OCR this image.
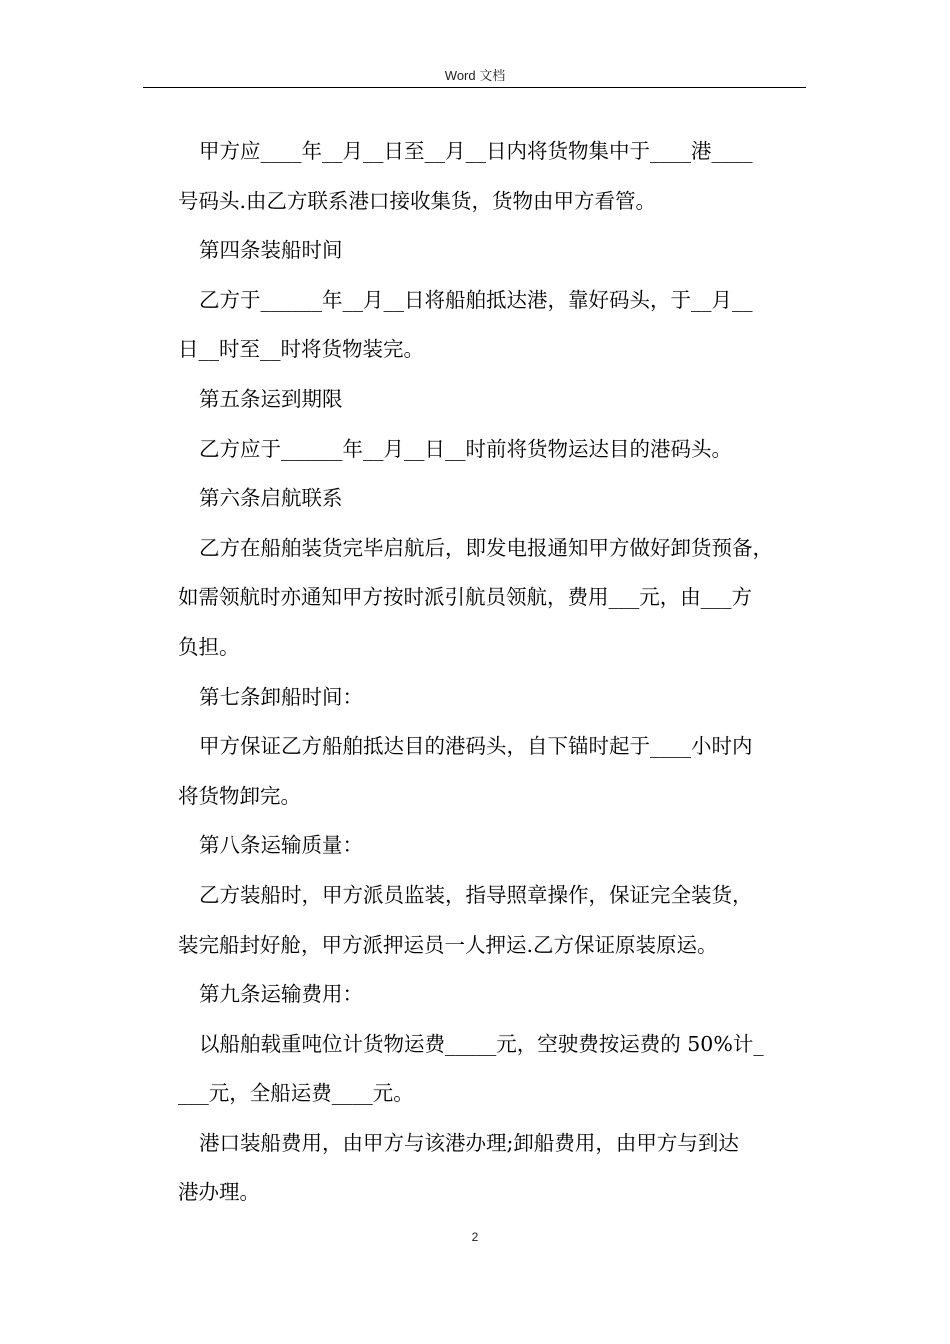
Word 文档
甲方应____年__月__日至__月__日内将货物集中于____港____
号码头.由乙方联系港口接收集货，货物由甲方看管。
第四条装船时间
乙方于______年__月__日将船舶抵达港，靠好码头，于__月__
日__时至__时将货物装完。
第五条运到期限
乙方应于______年__月__日__时前将货物运达目的港码头。
第六条启航联系
乙方在船舶装货完毕启航后，即发电报通知甲方做好卸货预备，
如需领航时亦通知甲方按时派引航员领航，费用___元，由___方
负担。
第七条卸船时间：
甲方保证乙方船舶抵达目的港码头，自下锚时起于____小时内
将货物卸完。
第八条运输质量：
乙方装船时，甲方派员监装，指导照章操作，保证完全装货，
装完船封好舱，甲方派押运员一人押运.乙方保证原装原运。
第九条运输费用：
以船舶载重吨位计货物运费_____元，空驶费按运费的 50%计_
___元，全船运费____元。
港口装船费用，由甲方与该港办理;卸船费用，由甲方与到达
港办理。
2
